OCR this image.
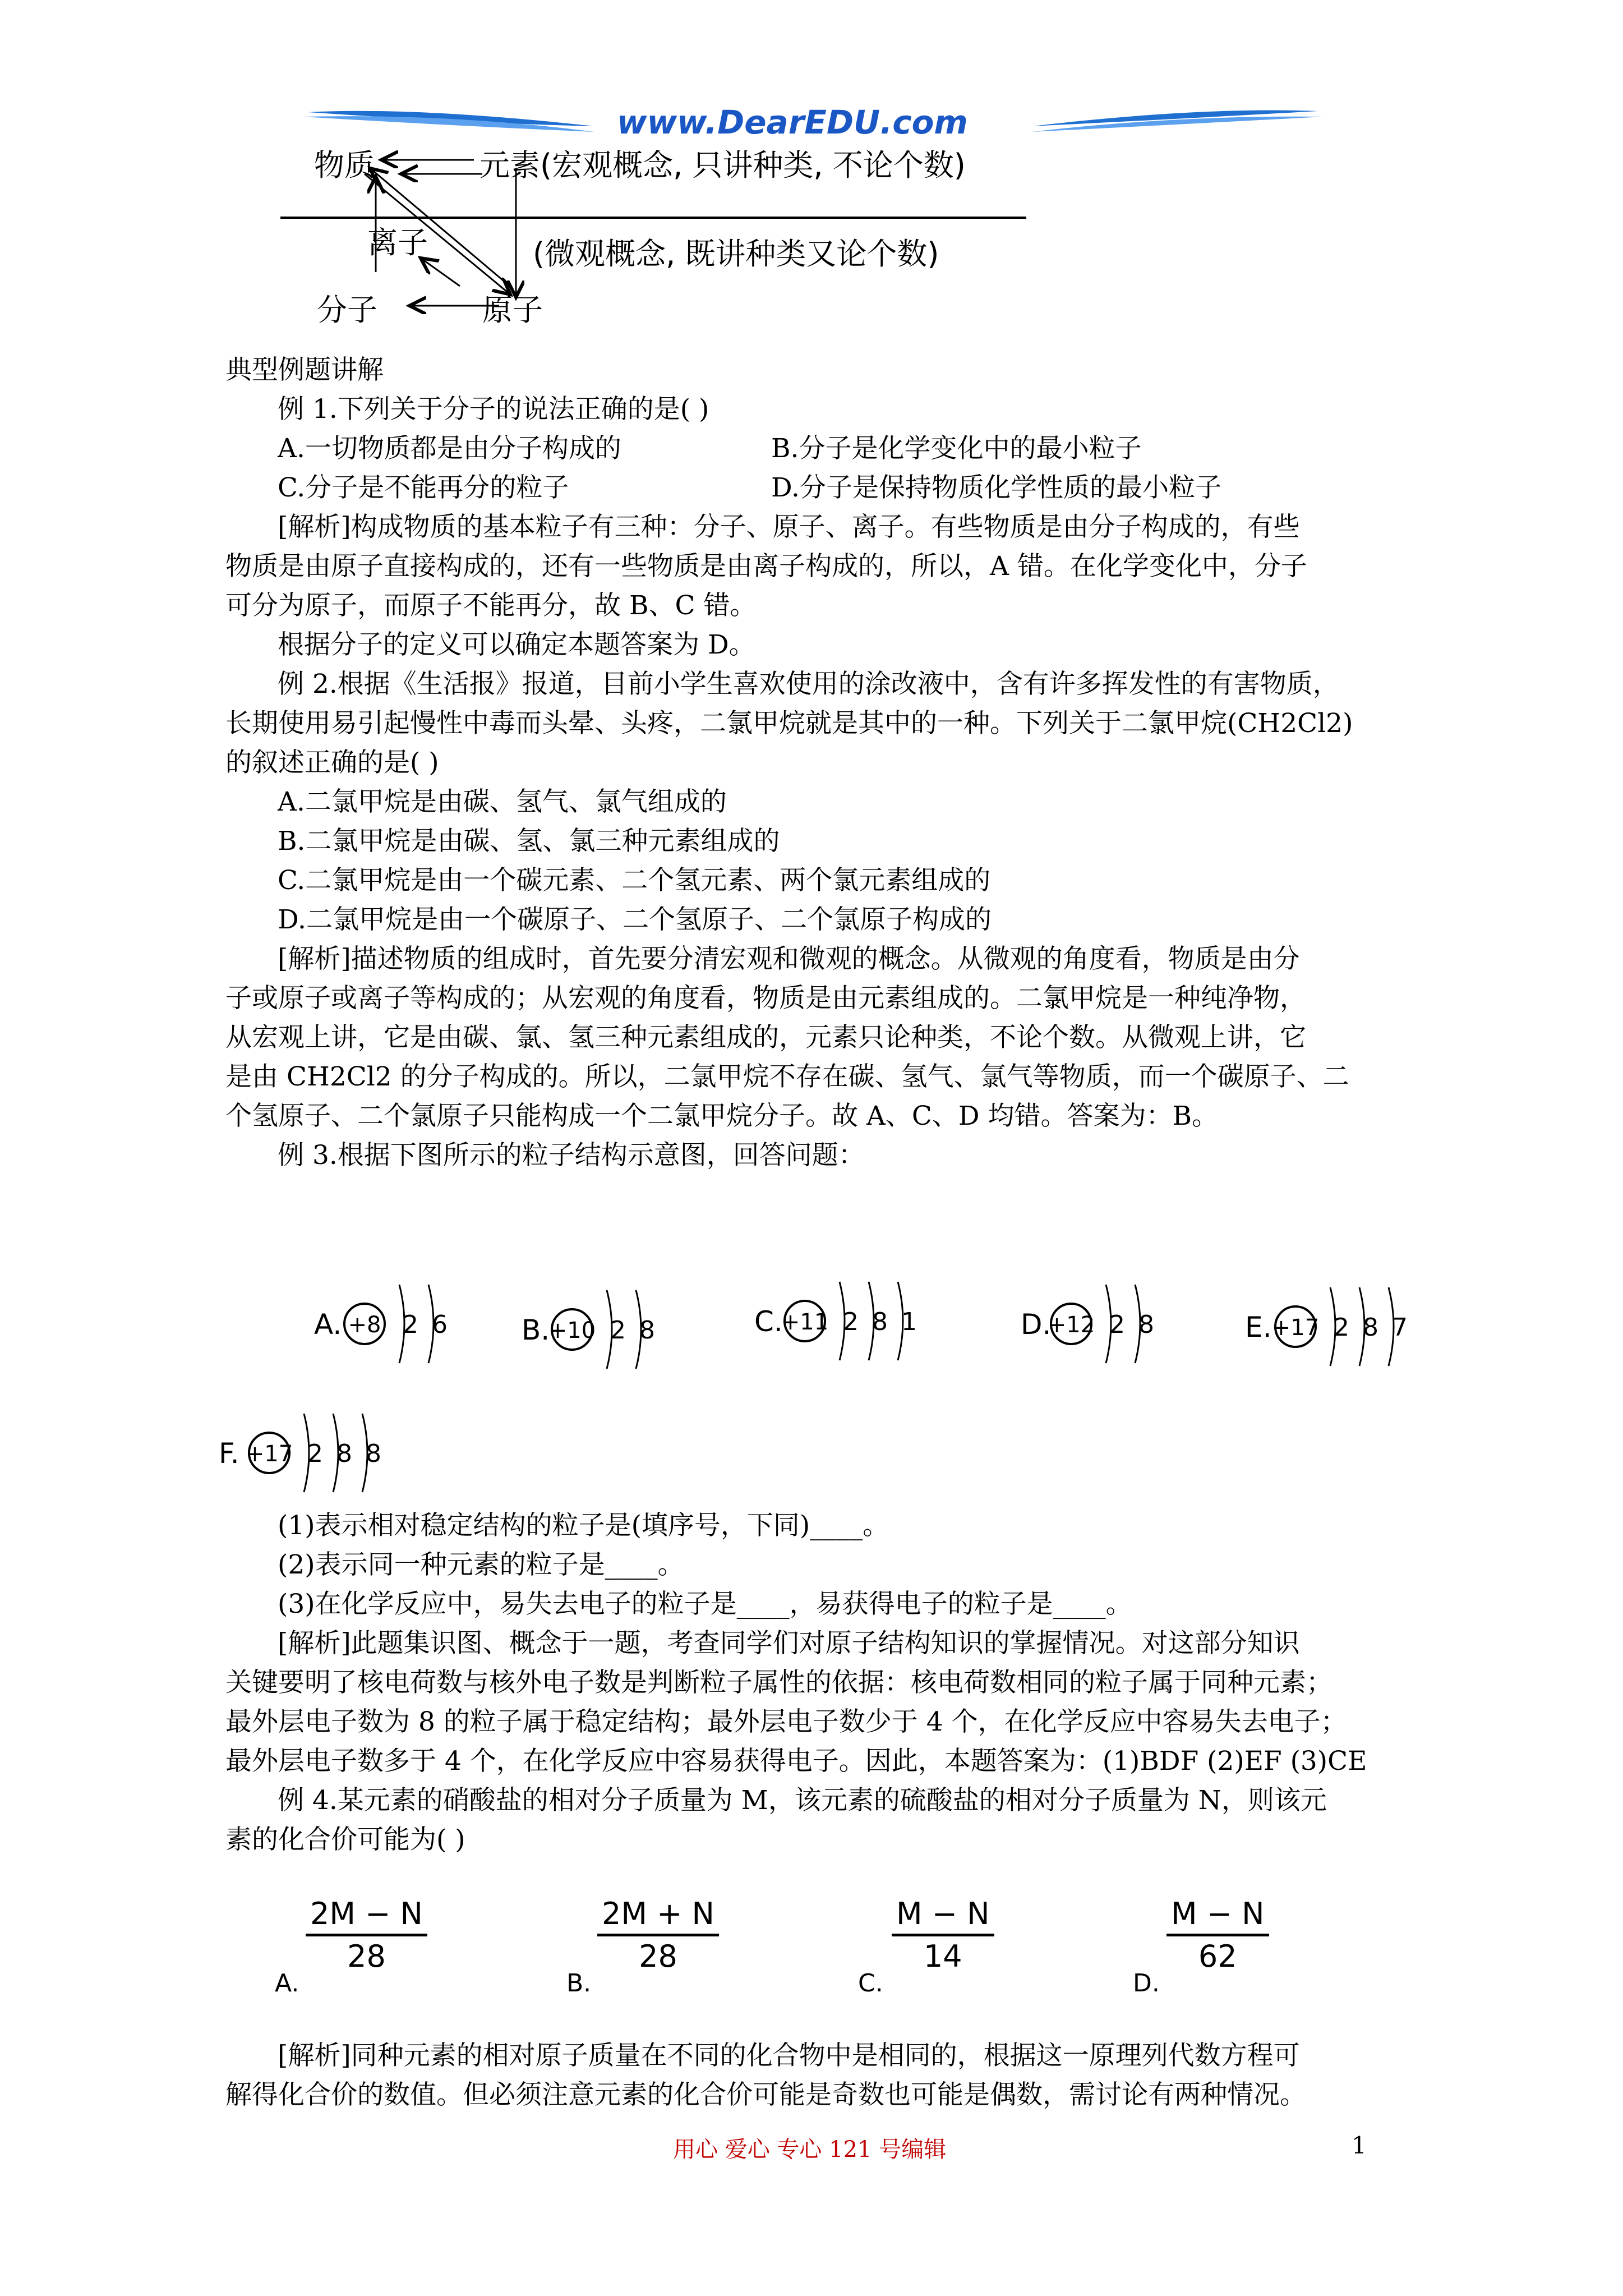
www.DearEDU.com
物质	元素(宏观概念, 只讲种类, 不论个数)
离子	(微观概念, 既讲种类又论个数)
分子	原子
典型例题讲解
例 1.下列关于分子的说法正确的是( )
A.一切物质都是由分子构成的	B.分子是化学变化中的最小粒子
C.分子是不能再分的粒子	D.分子是保持物质化学性质的最小粒子
[解析]构成物质的基本粒子有三种：分子、原子、离子。有些物质是由分子构成的，有些
物质是由原子直接构成的，还有一些物质是由离子构成的，所以，A 错。在化学变化中，分子
可分为原子，而原子不能再分，故 B、C 错。
根据分子的定义可以确定本题答案为 D。
例 2.根据《生活报》报道，目前小学生喜欢使用的涂改液中，含有许多挥发性的有害物质，
长期使用易引起慢性中毒而头晕、头疼，二氯甲烷就是其中的一种。下列关于二氯甲烷(CH2Cl2)
的叙述正确的是( )
A.二氯甲烷是由碳、氢气、氯气组成的
B.二氯甲烷是由碳、氢、氯三种元素组成的
C.二氯甲烷是由一个碳元素、二个氢元素、两个氯元素组成的
D.二氯甲烷是由一个碳原子、二个氢原子、二个氯原子构成的
[解析]描述物质的组成时，首先要分清宏观和微观的概念。从微观的角度看，物质是由分
子或原子或离子等构成的；从宏观的角度看，物质是由元素组成的。二氯甲烷是一种纯净物，
从宏观上讲，它是由碳、氯、氢三种元素组成的，元素只论种类，不论个数。从微观上讲，它
是由 CH2Cl2 的分子构成的。所以，二氯甲烷不存在碳、氢气、氯气等物质，而一个碳原子、二
个氢原子、二个氯原子只能构成一个二氯甲烷分子。故 A、C、D 均错。答案为：B。
例 3.根据下图所示的粒子结构示意图，回答问题：
A. +8 2 6	B.
+10 2 8	C.
+11 2 8 1	D.
+12 2 8	E. +17 2 8 7
F. +17 2 8 8
(1)表示相对稳定结构的粒子是(填序号，下同)____。
(2)表示同一种元素的粒子是____。
(3)在化学反应中，易失去电子的粒子是____，易获得电子的粒子是____。
[解析]此题集识图、概念于一题，考查同学们对原子结构知识的掌握情况。对这部分知识
关键要明了核电荷数与核外电子数是判断粒子属性的依据：核电荷数相同的粒子属于同种元素；
最外层电子数为 8 的粒子属于稳定结构；最外层电子数少于 4 个，在化学反应中容易失去电子；
最外层电子数多于 4 个，在化学反应中容易获得电子。因此，本题答案为：(1)BDF (2)EF (3)CE
例 4.某元素的硝酸盐的相对分子质量为 M，该元素的硫酸盐的相对分子质量为 N，则该元
素的化合价可能为( )
A.
2M − N
28
B.
2M + N
28
C.
M − N
14
D.
M − N
62
[解析]同种元素的相对原子质量在不同的化合物中是相同的，根据这一原理列代数方程可
解得化合价的数值。但必须注意元素的化合价可能是奇数也可能是偶数，需讨论有两种情况。
用心 爱心 专心 121 号编辑	1
